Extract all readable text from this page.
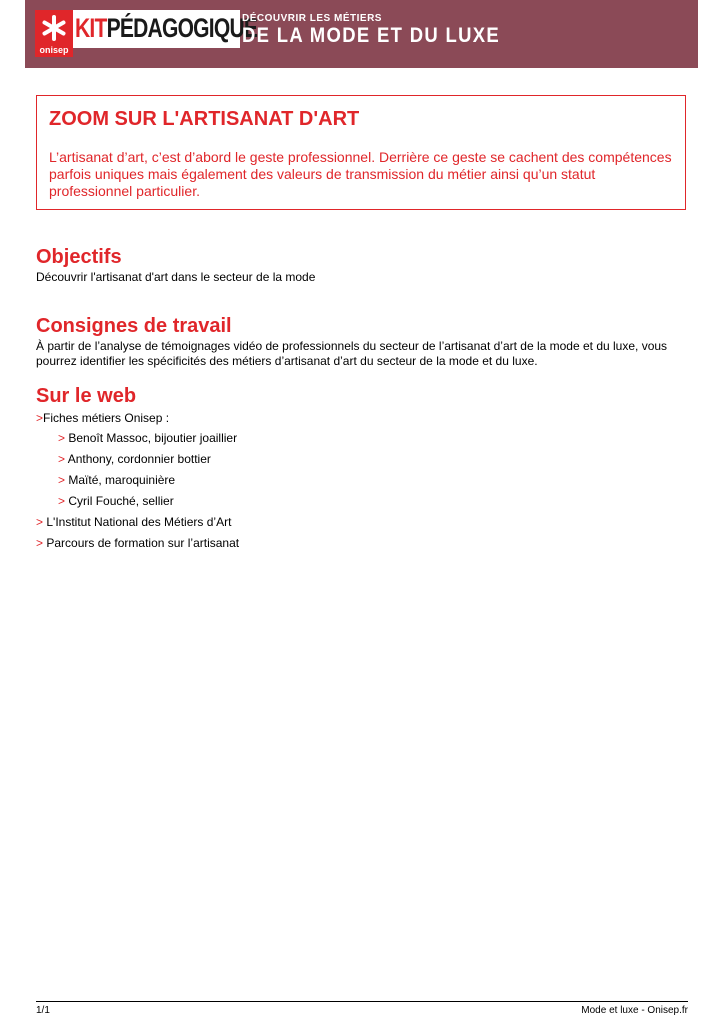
onisep
KITPÉDAGOGIQUE
DÉCOUVRIR LES MÉTIERS
DE LA MODE ET DU LUXE
ZOOM SUR L'ARTISANAT D'ART
L’artisanat d’art, c’est d’abord le geste professionnel. Derrière ce geste se cachent des compétences parfois uniques mais également des valeurs de transmission du métier ainsi qu’un statut professionnel particulier.
Objectifs
Découvrir l'artisanat d'art dans le secteur de la mode
Consignes de travail
À partir de l’analyse de témoignages vidéo de professionnels du secteur de l’artisanat d’art de la mode et du luxe, vous pourrez identifier les spécificités des métiers d’artisanat d’art du secteur de la mode et du luxe.
Sur le web
>Fiches métiers Onisep :
> Benoît Massoc, bijoutier joaillier
> Anthony, cordonnier bottier
> Maïté, maroquinière
> Cyril Fouché, sellier
> L'Institut National des Métiers d’Art
> Parcours de formation sur l’artisanat
1/1	Mode et luxe - Onisep.fr
